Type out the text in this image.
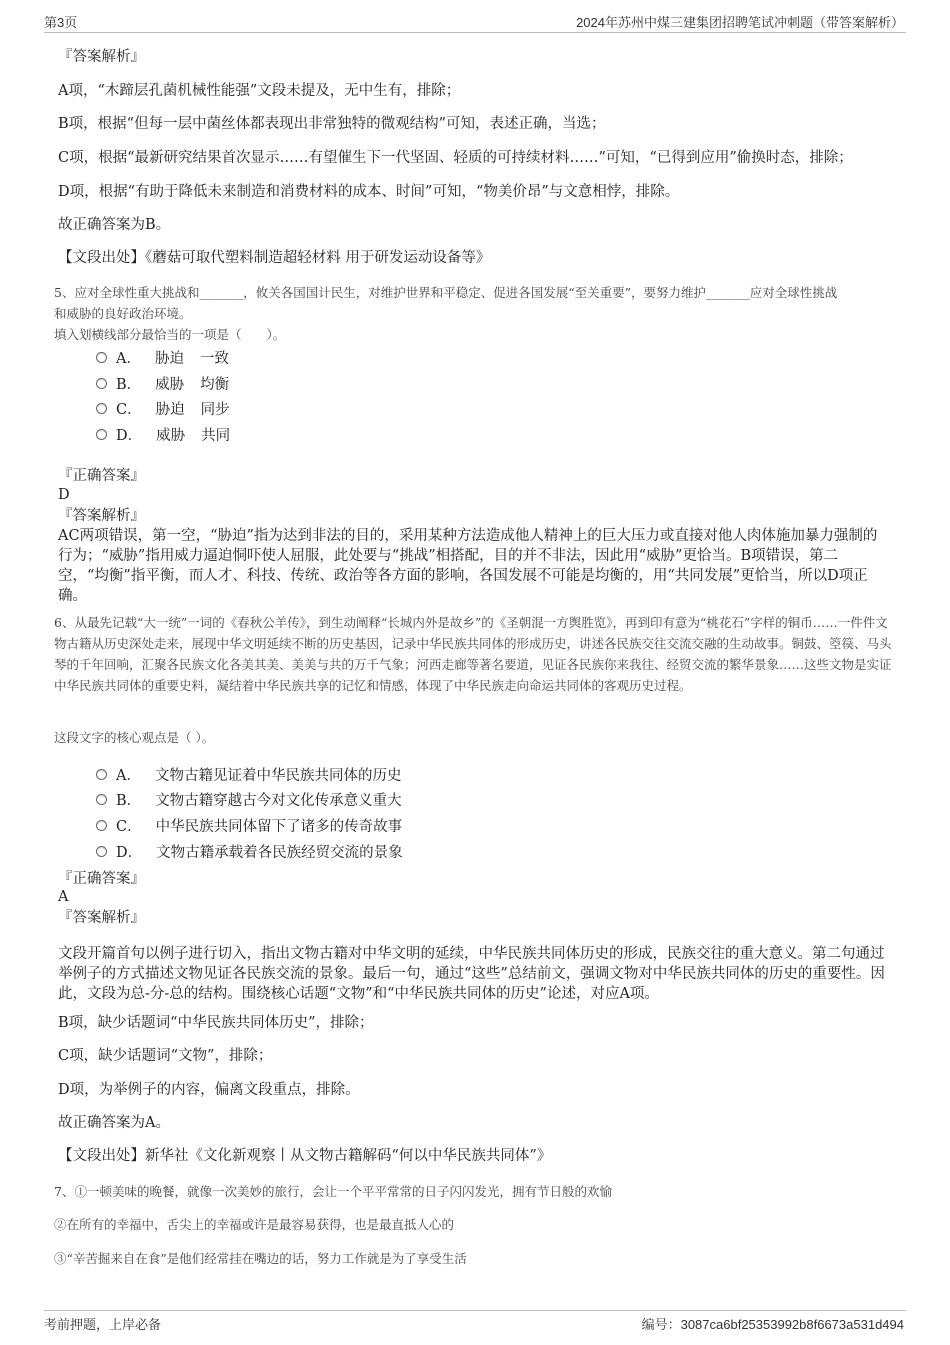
第3页	2024年苏州中煤三建集团招聘笔试冲刺题（带答案解析）
『答案解析』
A项，“木蹄层孔菌机械性能强”文段未提及，无中生有，排除；
B项，根据“但每一层中菌丝体都表现出非常独特的微观结构”可知，表述正确，当选；
C项，根据“最新研究结果首次显示……有望催生下一代坚固、轻质的可持续材料……”可知，“已得到应用”偷换时态，排除；
D项，根据“有助于降低未来制造和消费材料的成本、时间”可知，“物美价昂”与文意相悖，排除。
故正确答案为B。
【文段出处】《蘑菇可取代塑料制造超轻材料 用于研发运动设备等》
5、应对全球性重大挑战和_______，攸关各国国计民生，对维护世界和平稳定、促进各国发展“至关重要”，要努力维护_______应对全球性挑战
和威胁的良好政治环境。
填入划横线部分最恰当的一项是（　　）。
A． 胁迫 一致
B． 威胁 均衡
C． 胁迫 同步
D． 威胁 共同
『正确答案』
D
『答案解析』
AC两项错误，第一空，“胁迫”指为达到非法的目的，采用某种方法造成他人精神上的巨大压力或直接对他人肉体施加暴力强制的行为；“威胁”指用威力逼迫恫吓使人屈服，此处要与“挑战”相搭配，目的并不非法，因此用“威胁”更恰当。B项错误，第二空，“均衡”指平衡，而人才、科技、传统、政治等各方面的影响，各国发展不可能是均衡的，用“共同发展”更恰当，所以D项正确。
6、从最先记载“大一统”一词的《春秋公羊传》，到生动阐释“长城内外是故乡”的《圣朝混一方舆胜览》，再到印有意为“桃花石”字样的铜币……一件件文物古籍从历史深处走来，展现中华文明延续不断的历史基因，记录中华民族共同体的形成历史，讲述各民族交往交流交融的生动故事。铜鼓、箜篌、马头琴的千年回响，汇聚各民族文化各美其美、美美与共的万千气象；河西走廊等著名要道，见证各民族你来我往、经贸交流的繁华景象……这些文物是实证中华民族共同体的重要史料，凝结着中华民族共享的记忆和情感，体现了中华民族走向命运共同体的客观历史过程。
这段文字的核心观点是（ ）。
A． 文物古籍见证着中华民族共同体的历史
B． 文物古籍穿越古今对文化传承意义重大
C． 中华民族共同体留下了诸多的传奇故事
D． 文物古籍承载着各民族经贸交流的景象
『正确答案』
A
『答案解析』
文段开篇首句以例子进行切入，指出文物古籍对中华文明的延续，中华民族共同体历史的形成，民族交往的重大意义。第二句通过举例子的方式描述文物见证各民族交流的景象。最后一句，通过“这些”总结前文，强调文物对中华民族共同体的历史的重要性。因此，文段为总-分-总的结构。围绕核心话题“文物”和“中华民族共同体的历史”论述，对应A项。
B项，缺少话题词“中华民族共同体历史”，排除；
C项，缺少话题词“文物”，排除；
D项，为举例子的内容，偏离文段重点，排除。
故正确答案为A。
【文段出处】新华社《文化新观察丨从文物古籍解码“何以中华民族共同体”》
7、①一顿美味的晚餐，就像一次美妙的旅行，会让一个平平常常的日子闪闪发光，拥有节日般的欢愉
②在所有的幸福中，舌尖上的幸福或许是最容易获得，也是最直抵人心的
③“辛苦掘来自在食”是他们经常挂在嘴边的话，努力工作就是为了享受生活
考前押题，上岸必备	编号：3087ca6bf25353992b8f6673a531d494
